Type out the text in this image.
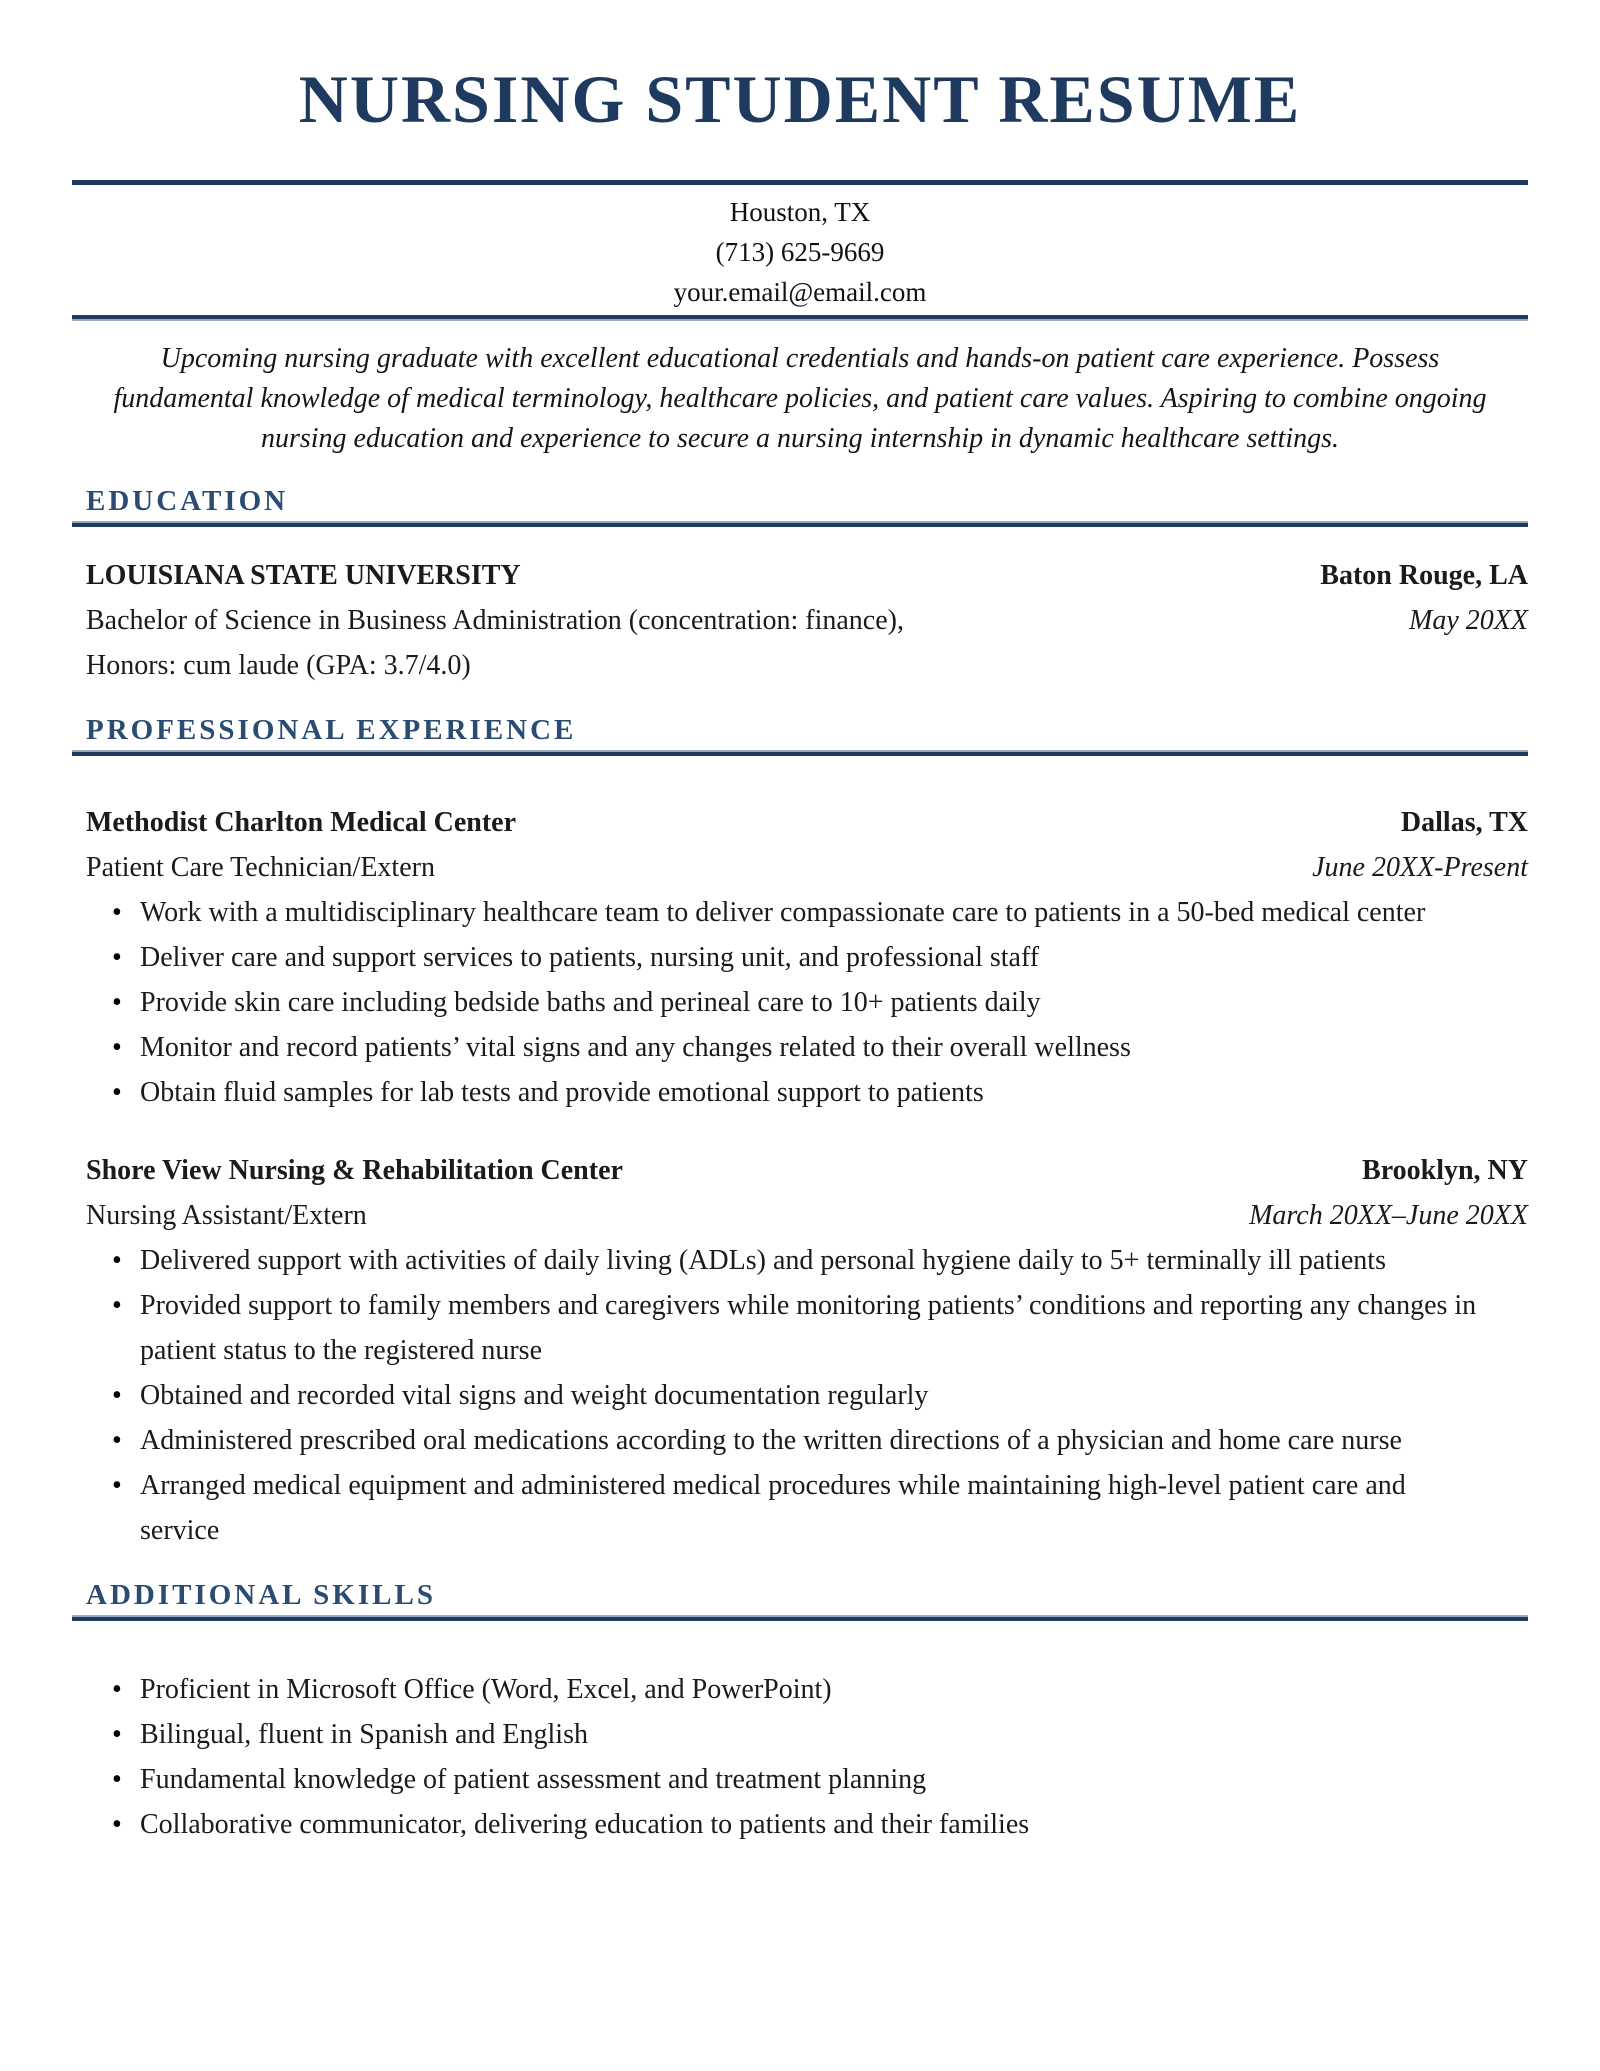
NURSING STUDENT RESUME
Houston, TX
(713) 625-9669
your.email@email.com

Upcoming nursing graduate with excellent educational credentials and hands-on patient care experience. Possess fundamental knowledge of medical terminology, healthcare policies, and patient care values. Aspiring to combine ongoing nursing education and experience to secure a nursing internship in dynamic healthcare settings.

EDUCATION
LOUISIANA STATE UNIVERSITY	Baton Rouge, LA
Bachelor of Science in Business Administration (concentration: finance),	May 20XX
Honors: cum laude (GPA: 3.7/4.0)
PROFESSIONAL EXPERIENCE
Methodist Charlton Medical Center	Dallas, TX
Patient Care Technician/Extern	June 20XX-Present
• Work with a multidisciplinary healthcare team to deliver compassionate care to patients in a 50-bed medical center
• Deliver care and support services to patients, nursing unit, and professional staff
• Provide skin care including bedside baths and perineal care to 10+ patients daily
• Monitor and record patients’ vital signs and any changes related to their overall wellness
• Obtain fluid samples for lab tests and provide emotional support to patients
Shore View Nursing & Rehabilitation Center	Brooklyn, NY
Nursing Assistant/Extern	March 20XX–June 20XX
• Delivered support with activities of daily living (ADLs) and personal hygiene daily to 5+ terminally ill patients
• Provided support to family members and caregivers while monitoring patients’ conditions and reporting any changes in patient status to the registered nurse
• Obtained and recorded vital signs and weight documentation regularly
• Administered prescribed oral medications according to the written directions of a physician and home care nurse
• Arranged medical equipment and administered medical procedures while maintaining high-level patient care and service
ADDITIONAL SKILLS
• Proficient in Microsoft Office (Word, Excel, and PowerPoint)
• Bilingual, fluent in Spanish and English
• Fundamental knowledge of patient assessment and treatment planning
• Collaborative communicator, delivering education to patients and their families
